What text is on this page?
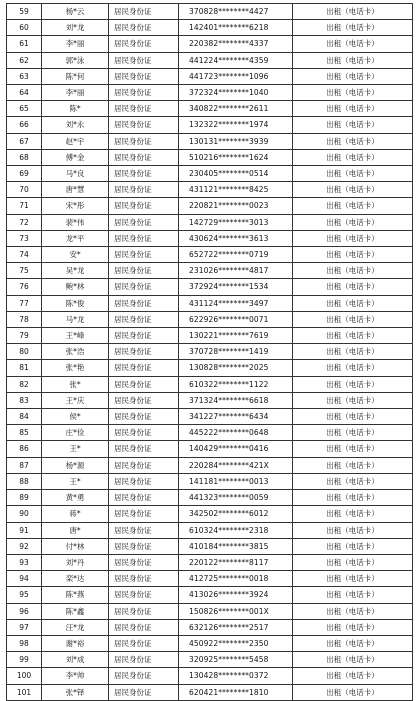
59	杨*云	居民身份证	370828********4427	出租（电话卡）
60	刘*龙	居民身份证	142401********6218	出租（电话卡）
61	李*丽	居民身份证	220382********4337	出租（电话卡）
62	郭*泳	居民身份证	441224********4359	出租（电话卡）
63	陈*何	居民身份证	441723********1096	出租（电话卡）
64	李*丽	居民身份证	372324********1040	出租（电话卡）
65	陈*	居民身份证	340822********2611	出租（电话卡）
66	刘*永	居民身份证	132322********1974	出租（电话卡）
67	赵*宇	居民身份证	130131********3939	出租（电话卡）
68	傅*金	居民身份证	510216********1624	出租（电话卡）
69	马*良	居民身份证	230405********0514	出租（电话卡）
70	唐*慧	居民身份证	431121********8425	出租（电话卡）
71	宋*彤	居民身份证	220821********0023	出租（电话卡）
72	裴*伟	居民身份证	142729********3013	出租（电话卡）
73	龙*平	居民身份证	430624********3613	出租（电话卡）
74	安*	居民身份证	652722********0719	出租（电话卡）
75	吴*龙	居民身份证	231026********4817	出租（电话卡）
76	鲍*林	居民身份证	372924********1534	出租（电话卡）
77	陈*俊	居民身份证	431124********3497	出租（电话卡）
78	马*龙	居民身份证	622926********0071	出租（电话卡）
79	王*峰	居民身份证	130221********7619	出租（电话卡）
80	张*浩	居民身份证	370728********1419	出租（电话卡）
81	张*艳	居民身份证	130828********2025	出租（电话卡）
82	张*	居民身份证	610322********1122	出租（电话卡）
83	王*庆	居民身份证	371324********6618	出租（电话卡）
84	侯*	居民身份证	341227********6434	出租（电话卡）
85	庄*俭	居民身份证	445222********0648	出租（电话卡）
86	王*	居民身份证	140429********0416	出租（电话卡）
87	杨*源	居民身份证	220284********421X	出租（电话卡）
88	王*	居民身份证	141181********0013	出租（电话卡）
89	黄*勇	居民身份证	441323********0059	出租（电话卡）
90	蒋*	居民身份证	342502********6012	出租（电话卡）
91	唐*	居民身份证	610324********2318	出租（电话卡）
92	付*林	居民身份证	410184********3815	出租（电话卡）
93	刘*丹	居民身份证	220122********8117	出租（电话卡）
94	栾*达	居民身份证	412725********0018	出租（电话卡）
95	陈*燕	居民身份证	413026********3924	出租（电话卡）
96	陈*鑫	居民身份证	150826********001X	出租（电话卡）
97	汪*龙	居民身份证	632126********2517	出租（电话卡）
98	谢*裕	居民身份证	450922********2350	出租（电话卡）
99	刘*成	居民身份证	320925********5458	出租（电话卡）
100	李*帅	居民身份证	130428********0372	出租（电话卡）
101	张*铎	居民身份证	620421********1810	出租（电话卡）
